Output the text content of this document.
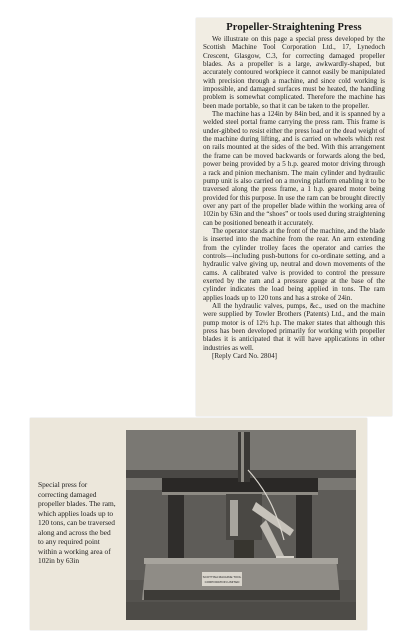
Propeller-Straightening Press

We illustrate on this page a special press developed by the Scottish Machine Tool Corporation Ltd., 17, Lynedoch Crescent, Glasgow, C.3, for correcting damaged propeller blades. As a propeller is a large, awkwardly-shaped, but accurately contoured workpiece it cannot easily be manipulated with precision through a machine, and since cold working is impossible, and damaged surfaces must be heated, the handling problem is somewhat complicated. Therefore the machine has been made portable, so that it can be taken to the propeller.

The machine has a 124in by 84in bed, and it is spanned by a welded steel portal frame carrying the press ram. This frame is under-gibbed to resist either the press load or the dead weight of the machine during lifting, and is carried on wheels which rest on rails mounted at the sides of the bed. With this arrangement the frame can be moved backwards or forwards along the bed, power being provided by a 5 h.p. geared motor driving through a rack and pinion mechanism. The main cylinder and hydraulic pump unit is also carried on a moving platform enabling it to be traversed along the press frame, a 1 h.p. geared motor being provided for this purpose. In use the ram can be brought directly over any part of the propeller blade within the working area of 102in by 63in and the “shoes” or tools used during straightening can be positioned beneath it accurately.

The operator stands at the front of the machine, and the blade is inserted into the machine from the rear. An arm extending from the cylinder trolley faces the operator and carries the controls—including push-buttons for co-ordinate setting, and a hydraulic valve giving up, neutral and down movements of the cams. A calibrated valve is provided to control the pressure exerted by the ram and a pressure gauge at the base of the cylinder indicates the load being applied in tons. The ram applies loads up to 120 tons and has a stroke of 24in.

All the hydraulic valves, pumps, &c., used on the machine were supplied by Towler Brothers (Patents) Ltd., and the main pump motor is of 12½ h.p. The maker states that although this press has been developed primarily for working with propeller blades it is anticipated that it will have applications in other industries as well.

[Reply Card No. 2804]

Special press for correcting damaged propeller blades. The ram, which applies loads up to 120 tons, can be traversed along and across the bed to any required point within a working area of 102in by 63in

SCOTTISH MACHINE TOOL
CORPORATION LIMITED
